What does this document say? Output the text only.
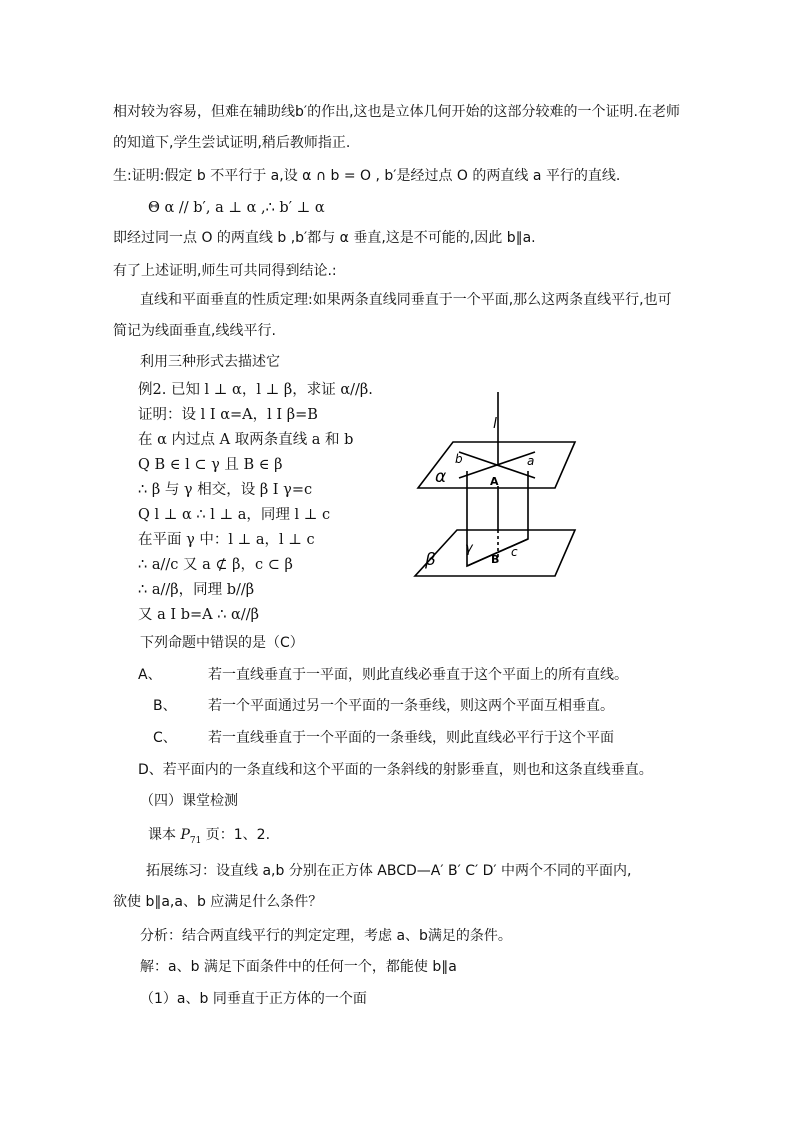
相对较为容易，但难在辅助线b′的作出,这也是立体几何开始的这部分较难的一个证明.在老师
的知道下,学生尝试证明,稍后教师指正.
生:证明:假定 b 不平行于 a,设 α ∩ b = O , b′是经过点 O 的两直线 a 平行的直线.
Θ α // b′, a ⊥ α ,∴ b′ ⊥ α
即经过同一点 O 的两直线 b ,b′都与 α 垂直,这是不可能的,因此 b∥a.
有了上述证明,师生可共同得到结论.:
直线和平面垂直的性质定理:如果两条直线同垂直于一个平面,那么这两条直线平行,也可
简记为线面垂直,线线平行.
利用三种形式去描述它
例2. 已知 l ⊥ α，l ⊥ β，求证 α//β.
证明：设 l I α=A，l I β=B
在 α 内过点 A 取两条直线 a 和 b
Q B ∈ l ⊂ γ 且 B ∈ β
∴ β 与 γ 相交，设 β I γ=c
Q l ⊥ α ∴ l ⊥ a，同理 l ⊥ c
在平面 γ 中：l ⊥ a，l ⊥ c
∴ a//c 又 a ⊄ β，c ⊂ β
∴ a//β，同理 b//β
又 a I b=A ∴ α//β
l
α
β
γ
b	a
c
A
B
下列命题中错误的是（C）
A、	若一直线垂直于一平面，则此直线必垂直于这个平面上的所有直线。
B、 若一个平面通过另一个平面的一条垂线，则这两个平面互相垂直。
C、 若一直线垂直于一个平面的一条垂线，则此直线必平行于这个平面
D、若平面内的一条直线和这个平面的一条斜线的射影垂直，则也和这条直线垂直。
（四）课堂检测
课本 $P_{71}$ 页：1、2.
拓展练习：设直线 a,b 分别在正方体 ABCD—A′ B′ C′ D′ 中两个不同的平面内,
欲使 b∥a,a、b 应满足什么条件？
分析：结合两直线平行的判定定理，考虑 a、b满足的条件。
解：a、b 满足下面条件中的任何一个，都能使 b∥a
（1）a、b 同垂直于正方体的一个面
